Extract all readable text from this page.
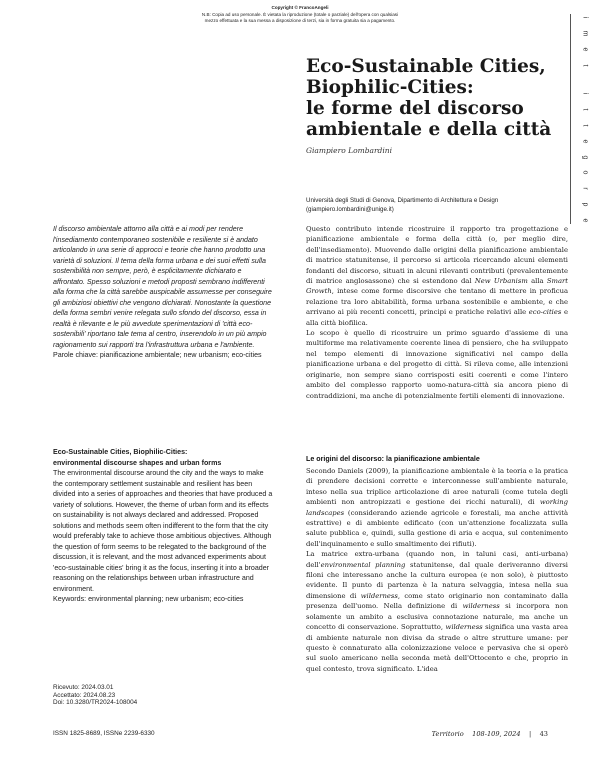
Copyright © FrancoAngeli
N.B: Copia ad uso personale. È vietata la riproduzione (totale o parziale) dell'opera con qualsiasi
mezzo effettuata e la sua messa a disposizione di terzi, sia in forma gratuita sia a pagamento.
i
m
e
t
i
t
t
e
g
o
r
p
e
Eco-Sustainable Cities,
Biophilic-Cities:
le forme del discorso
ambientale e della città
Giampiero Lombardini
Università degli Studi di Genova, Dipartimento di Architettura e Design
(giampiero.lombardini@unige.it)

Il discorso ambientale attorno alla città e ai modi per rendere l'insediamento contemporaneo sostenibile e resiliente si è andato articolando in una serie di approcci e teorie che hanno prodotto una varietà di soluzioni. Il tema della forma urbana e dei suoi effetti sulla sostenibilità non sempre, però, è esplicitamente dichiarato e affrontato. Spesso soluzioni e metodi proposti sembrano indifferenti alla forma che la città sarebbe auspicabile assumesse per conseguire gli ambiziosi obiettivi che vengono dichiarati. Nonostante la questione della forma sembri venire relegata sullo sfondo del discorso, essa in realtà è rilevante e le più avvedute sperimentazioni di 'città eco-sostenibili' riportano tale tema al centro, inserendolo in un più ampio ragionamento sui rapporti tra l'infrastruttura urbana e l'ambiente.

Parole chiave: pianificazione ambientale; new urbanism; eco-cities

Eco-Sustainable Cities, Biophilic-Cities:
environmental discourse shapes and urban forms

The environmental discourse around the city and the ways to make the contemporary settlement sustainable and resilient has been divided into a series of approaches and theories that have produced a variety of solutions. However, the theme of urban form and its effects on sustainability is not always declared and addressed. Proposed solutions and methods seem often indifferent to the form that the city would preferably take to achieve those ambitious objectives. Although the question of form seems to be relegated to the background of the discussion, it is relevant, and the most advanced experiments about 'eco-sustainable cities' bring it as the focus, inserting it into a broader reasoning on the relationships between urban infrastructure and environment.

Keywords: environmental planning; new urbanism; eco-cities

Ricevuto: 2024.03.01
Accettato: 2024.08.23
Doi: 10.3280/TR2024-108004

Questo contributo intende ricostruire il rapporto tra progettazione e pianificazione ambientale e forma della città (o, per meglio dire, dell'insediamento). Muovendo dalle origini della pianificazione ambientale di matrice statunitense, il percorso si articola ricercando alcuni elementi fondanti del discorso, situati in alcuni rilevanti contributi (prevalentemente di matrice anglosassone) che si estendono dal New Urbanism alla Smart Growth, intese come forme discorsive che tentano di mettere in proficua relazione tra loro abitabilità, forma urbana sostenibile e ambiente, e che arrivano ai più recenti concetti, principi e pratiche relativi alle eco-cities e alla città biofilica.

Lo scopo è quello di ricostruire un primo sguardo d'assieme di una multiforme ma relativamente coerente linea di pensiero, che ha sviluppato nel tempo elementi di innovazione significativi nel campo della pianificazione urbana e del progetto di città. Si rileva come, alle intenzioni originarie, non sempre siano corrisposti esiti coerenti e come l'intero ambito del complesso rapporto uomo-natura-città sia ancora pieno di contraddizioni, ma anche di potenzialmente fertili elementi di innovazione.

Le origini del discorso: la pianificazione ambientale

Secondo Daniels (2009), la pianificazione ambientale è la teoria e la pratica di prendere decisioni corrette e interconnesse sull'ambiente naturale, inteso nella sua triplice articolazione di aree naturali (come tutela degli ambienti non antropizzati e gestione dei ricchi naturali), di working landscapes (considerando aziende agricole e forestali, ma anche attività estrattive) e di ambiente edificato (con un'attenzione focalizzata sulla salute pubblica e, quindi, sulla gestione di aria e acqua, sul contenimento dell'inquinamento e sullo smaltimento dei rifiuti).

La matrice extra-urbana (quando non, in taluni casi, anti-urbana) dell'environmental planning statunitense, dal quale deriveranno diversi filoni che interessano anche la cultura europea (e non solo), è piuttosto evidente. Il punto di partenza è la natura selvaggia, intesa nella sua dimensione di wilderness, come stato originario non contaminato dalla presenza dell'uomo. Nella definizione di wilderness si incorpora non solamente un ambito a esclusiva connotazione naturale, ma anche un concetto di conservazione. Soprattutto, wilderness significa una vasta area di ambiente naturale non divisa da strade o altre strutture umane: per questo è connaturato alla colonizzazione veloce e pervasiva che si operò sul suolo americano nella seconda metà dell'Ottocento e che, proprio in quel contesto, trova significato. L'idea

ISSN 1825-8689, ISSNe 2239-6330	Territorio 108-109, 2024 | 43
